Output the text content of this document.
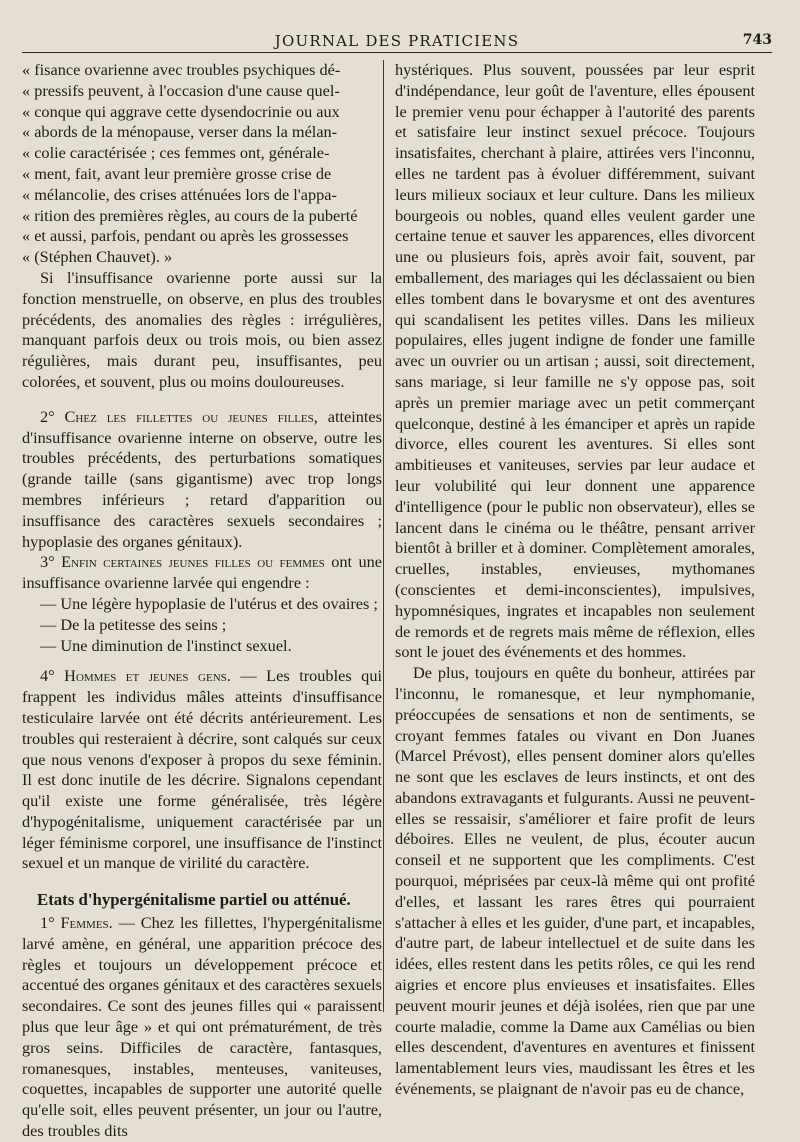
JOURNAL DES PRATICIENS	743

« fisance ovarienne avec troubles psychiques dé-
« pressifs peuvent, à l'occasion d'une cause quel-
« conque qui aggrave cette dysendocrinie ou aux
« abords de la ménopause, verser dans la mélan-
« colie caractérisée ; ces femmes ont, générale-
« ment, fait, avant leur première grosse crise de
« mélancolie, des crises atténuées lors de l'appa-
« rition des premières règles, au cours de la puberté
« et aussi, parfois, pendant ou après les grossesses
« (Stéphen Chauvet). »

Si l'insuffisance ovarienne porte aussi sur la fonction menstruelle, on observe, en plus des troubles précédents, des anomalies des règles : irrégulières, manquant parfois deux ou trois mois, ou bien assez régulières, mais durant peu, insuffisantes, peu colorées, et souvent, plus ou moins douloureuses.

2° Chez les fillettes ou jeunes filles, atteintes d'insuffisance ovarienne interne on observe, outre les troubles précédents, des perturbations somatiques (grande taille (sans gigantisme) avec trop longs membres inférieurs ; retard d'apparition ou insuffisance des caractères sexuels secondaires ; hypoplasie des organes génitaux).

3° Enfin certaines jeunes filles ou femmes ont une insuffisance ovarienne larvée qui engendre :

— Une légère hypoplasie de l'utérus et des ovaires ;

— De la petitesse des seins ;

— Une diminution de l'instinct sexuel.

4° Hommes et jeunes gens. — Les troubles qui frappent les individus mâles atteints d'insuffisance testiculaire larvée ont été décrits antérieurement. Les troubles qui resteraient à décrire, sont calqués sur ceux que nous venons d'exposer à propos du sexe féminin. Il est donc inutile de les décrire. Signalons cependant qu'il existe une forme généralisée, très légère d'hypogénitalisme, uniquement caractérisée par un léger féminisme corporel, une insuffisance de l'instinct sexuel et un manque de virilité du caractère.

Etats d'hypergénitalisme partiel ou atténué.

1° Femmes. — Chez les fillettes, l'hypergénitalisme larvé amène, en général, une apparition précoce des règles et toujours un développement précoce et accentué des organes génitaux et des caractères sexuels secondaires. Ce sont des jeunes filles qui « paraissent plus que leur âge » et qui ont prématurément, de très gros seins. Difficiles de caractère, fantasques, romanesques, instables, menteuses, vaniteuses, coquettes, incapables de supporter une autorité quelle qu'elle soit, elles peuvent présenter, un jour ou l'autre, des troubles dits

hystériques. Plus souvent, poussées par leur esprit d'indépendance, leur goût de l'aventure, elles épousent le premier venu pour échapper à l'autorité des parents et satisfaire leur instinct sexuel précoce. Toujours insatisfaites, cherchant à plaire, attirées vers l'inconnu, elles ne tardent pas à évoluer différemment, suivant leurs milieux sociaux et leur culture. Dans les milieux bourgeois ou nobles, quand elles veulent garder une certaine tenue et sauver les apparences, elles divorcent une ou plusieurs fois, après avoir fait, souvent, par emballement, des mariages qui les déclassaient ou bien elles tombent dans le bovarysme et ont des aventures qui scandalisent les petites villes. Dans les milieux populaires, elles jugent indigne de fonder une famille avec un ouvrier ou un artisan ; aussi, soit directement, sans mariage, si leur famille ne s'y oppose pas, soit après un premier mariage avec un petit commerçant quelconque, destiné à les émanciper et après un rapide divorce, elles courent les aventures. Si elles sont ambitieuses et vaniteuses, servies par leur audace et leur volubilité qui leur donnent une apparence d'intelligence (pour le public non observateur), elles se lancent dans le cinéma ou le théâtre, pensant arriver bientôt à briller et à dominer. Complètement amorales, cruelles, instables, envieuses, mythomanes (conscientes et demi-inconscientes), impulsives, hypomnésiques, ingrates et incapables non seulement de remords et de regrets mais même de réflexion, elles sont le jouet des événements et des hommes.

De plus, toujours en quête du bonheur, attirées par l'inconnu, le romanesque, et leur nymphomanie, préoccupées de sensations et non de sentiments, se croyant femmes fatales ou vivant en Don Juanes (Marcel Prévost), elles pensent dominer alors qu'elles ne sont que les esclaves de leurs instincts, et ont des abandons extravagants et fulgurants. Aussi ne peuvent-elles se ressaisir, s'améliorer et faire profit de leurs déboires. Elles ne veulent, de plus, écouter aucun conseil et ne supportent que les compliments. C'est pourquoi, méprisées par ceux-là même qui ont profité d'elles, et lassant les rares êtres qui pourraient s'attacher à elles et les guider, d'une part, et incapables, d'autre part, de labeur intellectuel et de suite dans les idées, elles restent dans les petits rôles, ce qui les rend aigries et encore plus envieuses et insatisfaites. Elles peuvent mourir jeunes et déjà isolées, rien que par une courte maladie, comme la Dame aux Camélias ou bien elles descendent, d'aventures en aventures et finissent lamentablement leurs vies, maudissant les êtres et les événements, se plaignant de n'avoir pas eu de chance,
